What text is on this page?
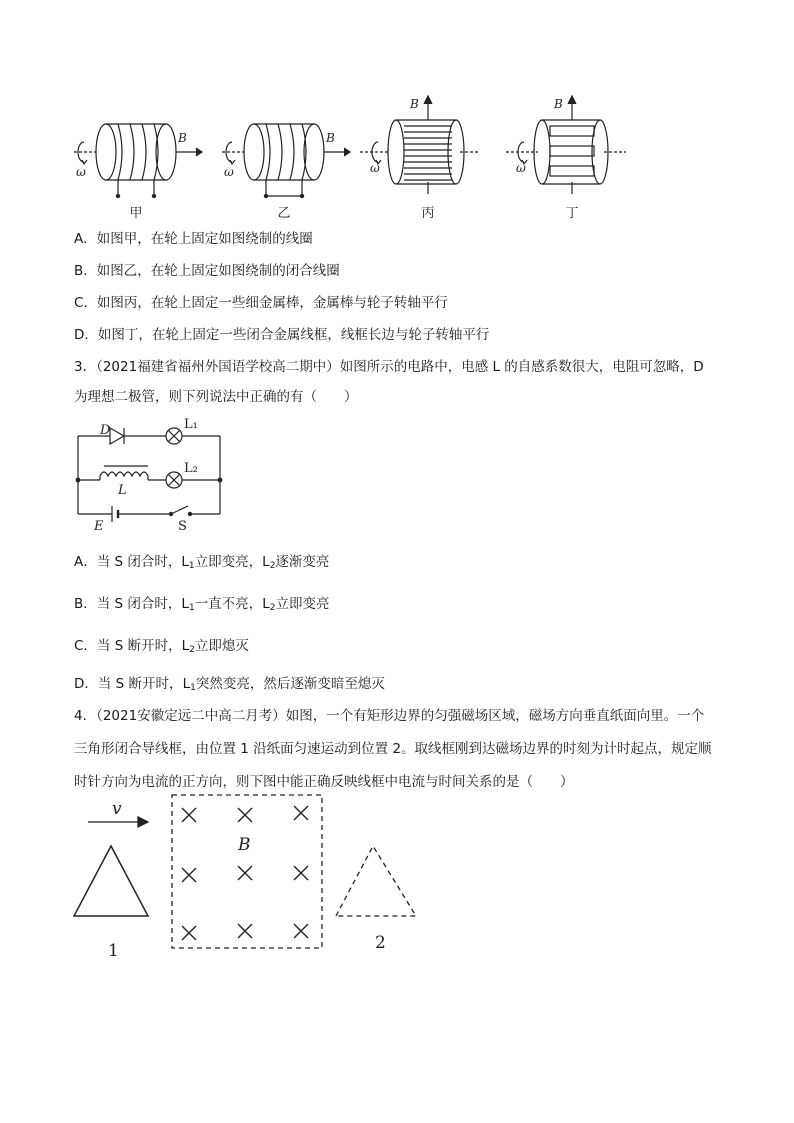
B	B
B	B
ω	ω	ω	ω
甲	乙	丙	丁
A．如图甲，在轮上固定如图绕制的线圈
B．如图乙，在轮上固定如图绕制的闭合线圈
C．如图丙，在轮上固定一些细金属棒，金属棒与轮子转轴平行
D．如图丁，在轮上固定一些闭合金属线框，线框长边与轮子转轴平行
3．（2021福建省福州外国语学校高二期中）如图所示的电路中，电感 L 的自感系数很大，电阻可忽略，D
为理想二极管，则下列说法中正确的有（　　）
D	L₁
L₂
L
E	S
A．当 S 闭合时，$L_1$立即变亮，$L_2$逐渐变亮
B．当 S 闭合时，$L_1$一直不亮，$L_2$立即变亮
C．当 S 断开时，$L_2$立即熄灭
D．当 S 断开时，$L_1$突然变亮，然后逐渐变暗至熄灭
4．（2021安徽定远二中高二月考）如图，一个有矩形边界的匀强磁场区域，磁场方向垂直纸面向里。一个
三角形闭合导线框，由位置 1 沿纸面匀速运动到位置 2。取线框刚到达磁场边界的时刻为计时起点，规定顺
时针方向为电流的正方向，则下图中能正确反映线框中电流与时间关系的是（　　）
v
B
1	2
